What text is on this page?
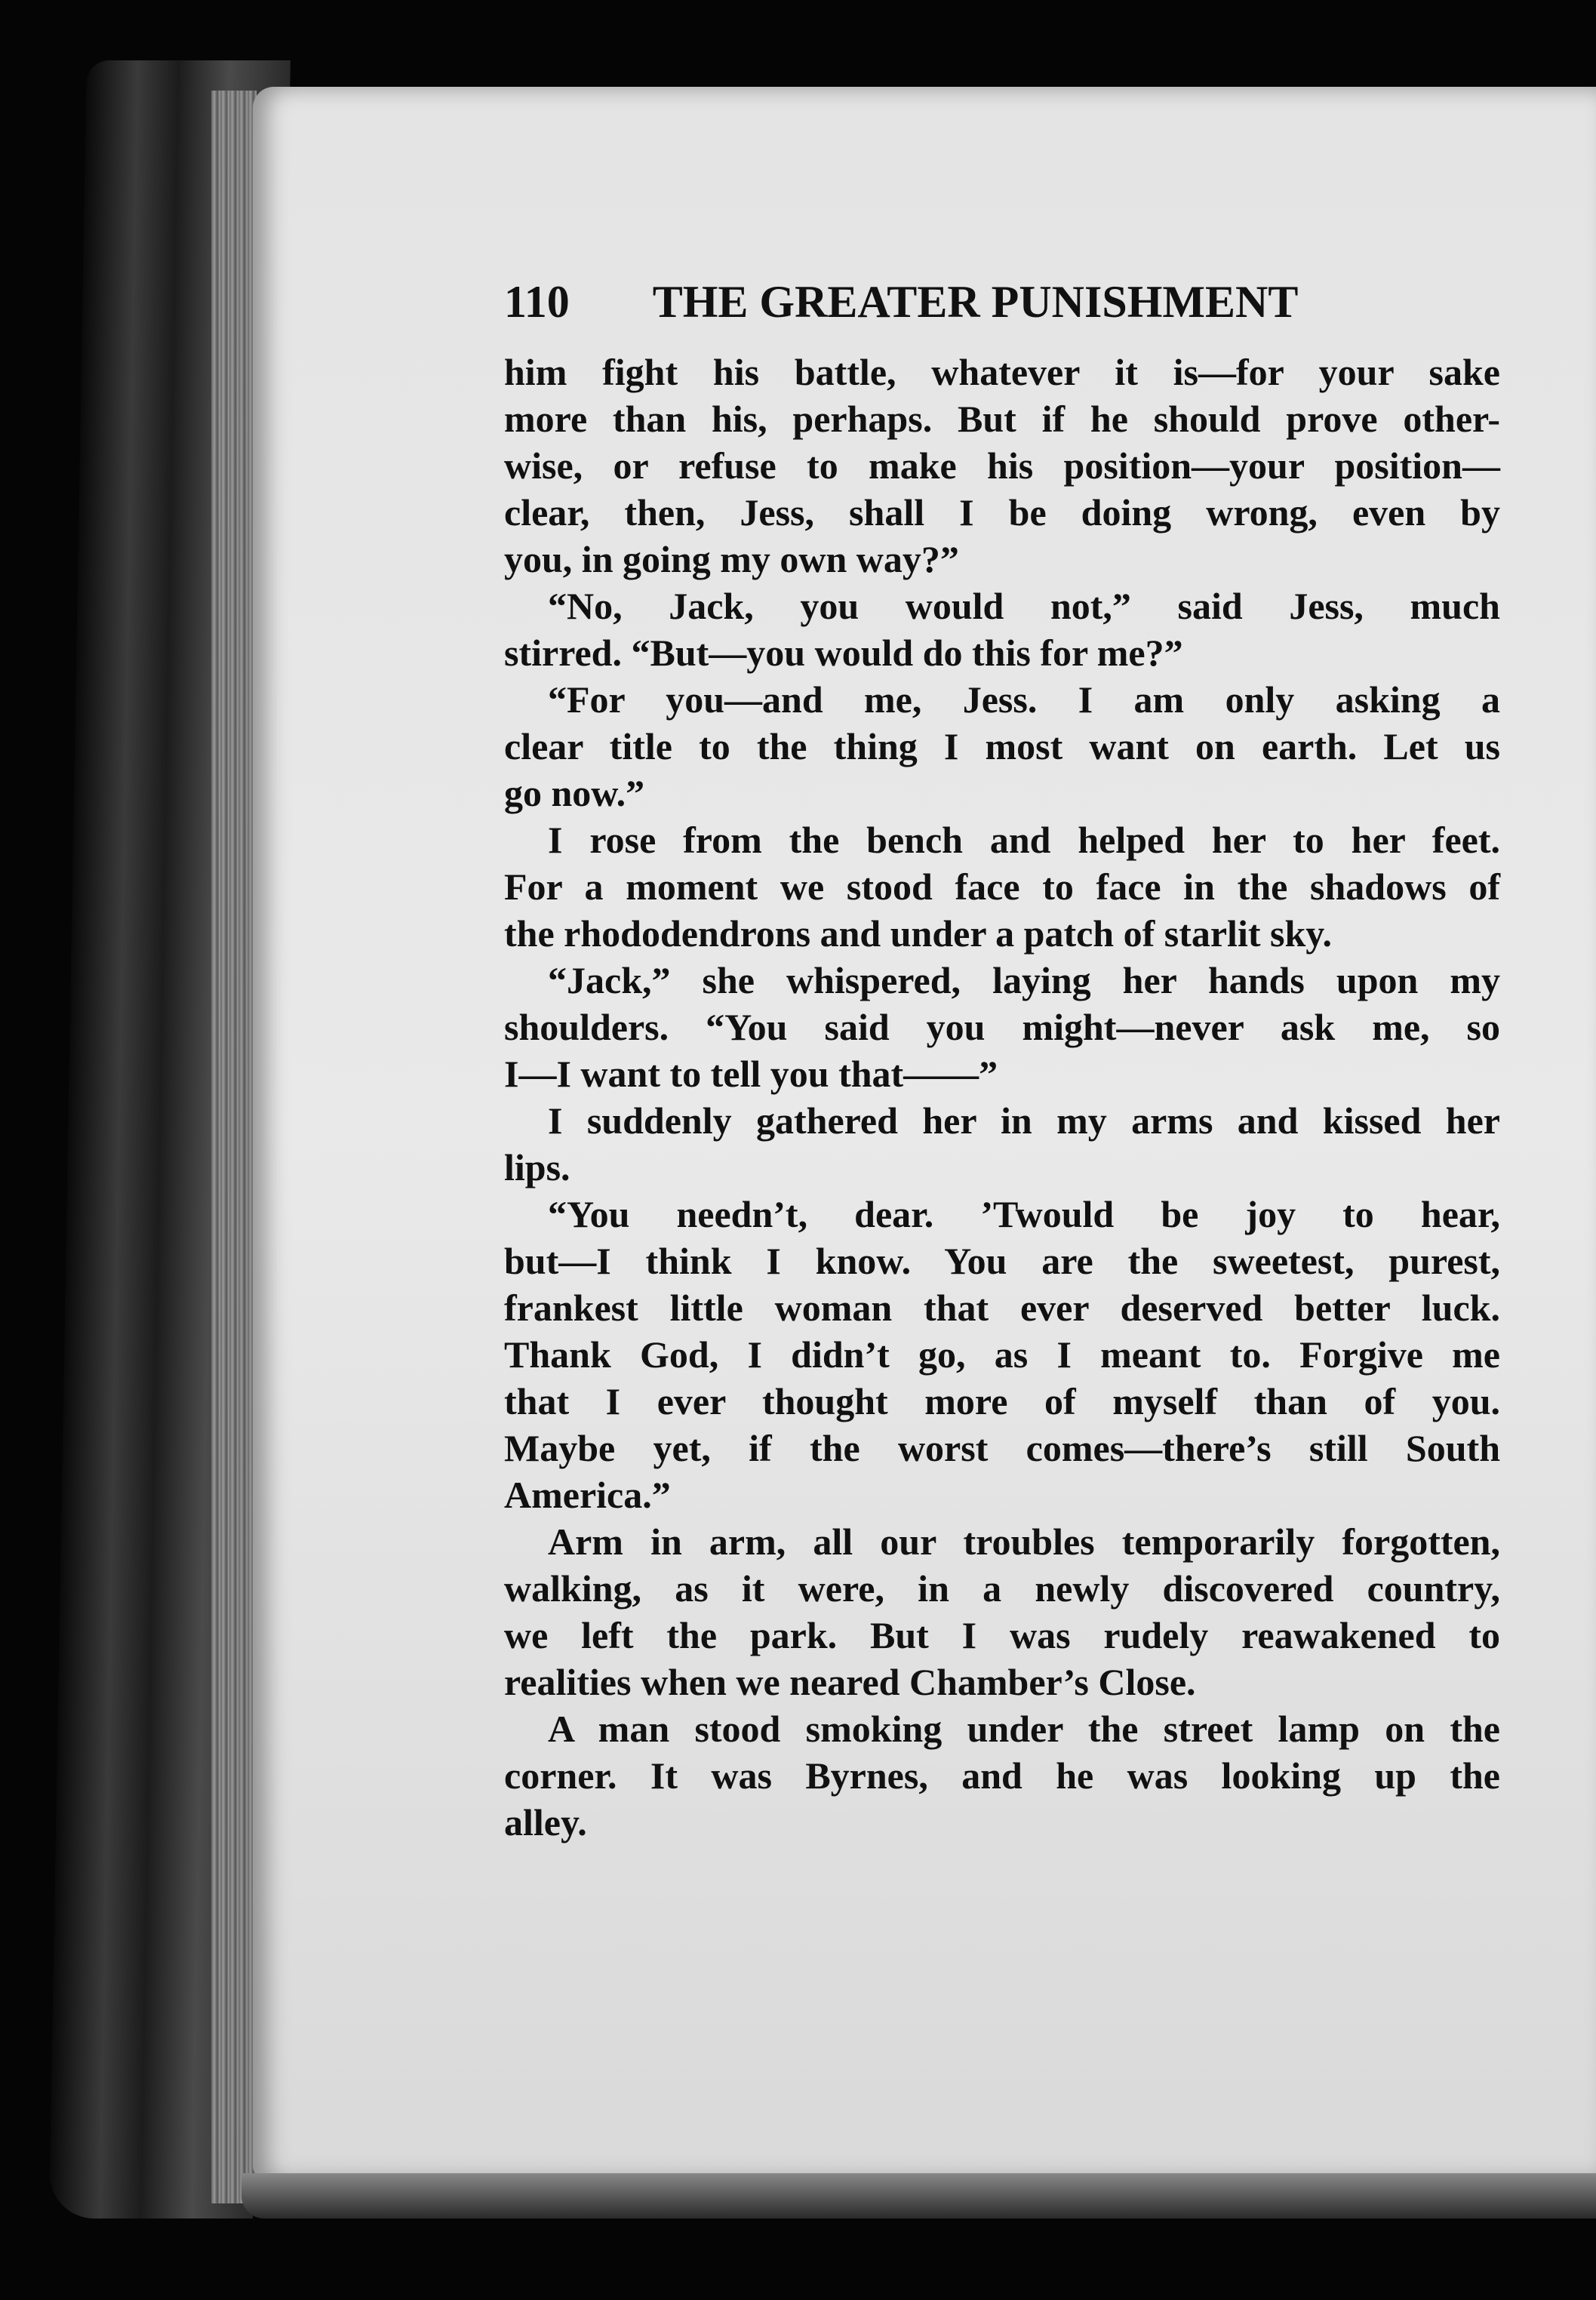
110 THE GREATER PUNISHMENT
him fight his battle, whatever it is—for your sake
more than his, perhaps. But if he should prove other-
wise, or refuse to make his position—your position—
clear, then, Jess, shall I be doing wrong, even by
you, in going my own way?”
“No, Jack, you would not,” said Jess, much
stirred. “But—you would do this for me?”
“For you—and me, Jess. I am only asking a
clear title to the thing I most want on earth. Let us
go now.”
I rose from the bench and helped her to her feet.
For a moment we stood face to face in the shadows of
the rhododendrons and under a patch of starlit sky.
“Jack,” she whispered, laying her hands upon my
shoulders. “You said you might—never ask me, so
I—I want to tell you that——”
I suddenly gathered her in my arms and kissed her
lips.
“You needn’t, dear. ’Twould be joy to hear,
but—I think I know. You are the sweetest, purest,
frankest little woman that ever deserved better luck.
Thank God, I didn’t go, as I meant to. Forgive me
that I ever thought more of myself than of you.
Maybe yet, if the worst comes—there’s still South
America.”
Arm in arm, all our troubles temporarily forgotten,
walking, as it were, in a newly discovered country,
we left the park. But I was rudely reawakened to
realities when we neared Chamber’s Close.
A man stood smoking under the street lamp on the
corner. It was Byrnes, and he was looking up the
alley.
